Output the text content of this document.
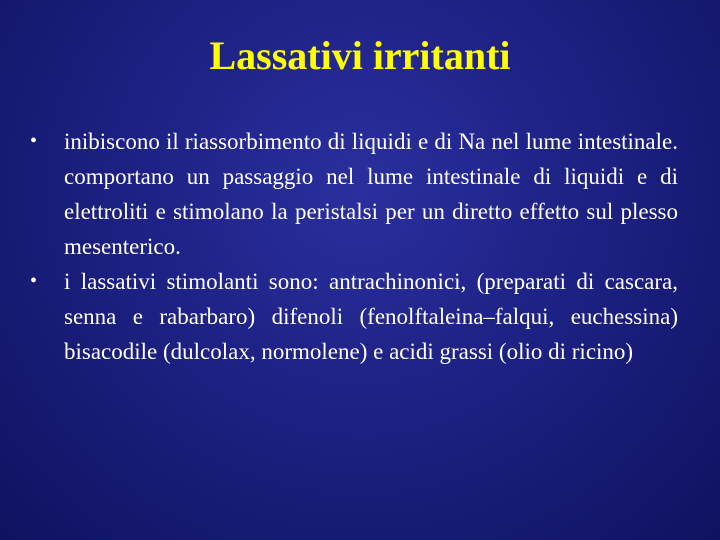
Lassativi irritanti
•	inibiscono il riassorbimento di liquidi e di Na nel lume intestinale. comportano un passaggio nel lume intestinale di liquidi e di elettroliti e stimolano la peristalsi per un diretto effetto sul plesso mesenterico.
•	i lassativi stimolanti sono: antrachinonici, (preparati di cascara, senna e rabarbaro) difenoli (fenolftaleina–falqui, euchessina) bisacodile (dulcolax, normolene) e acidi grassi (olio di ricino)
